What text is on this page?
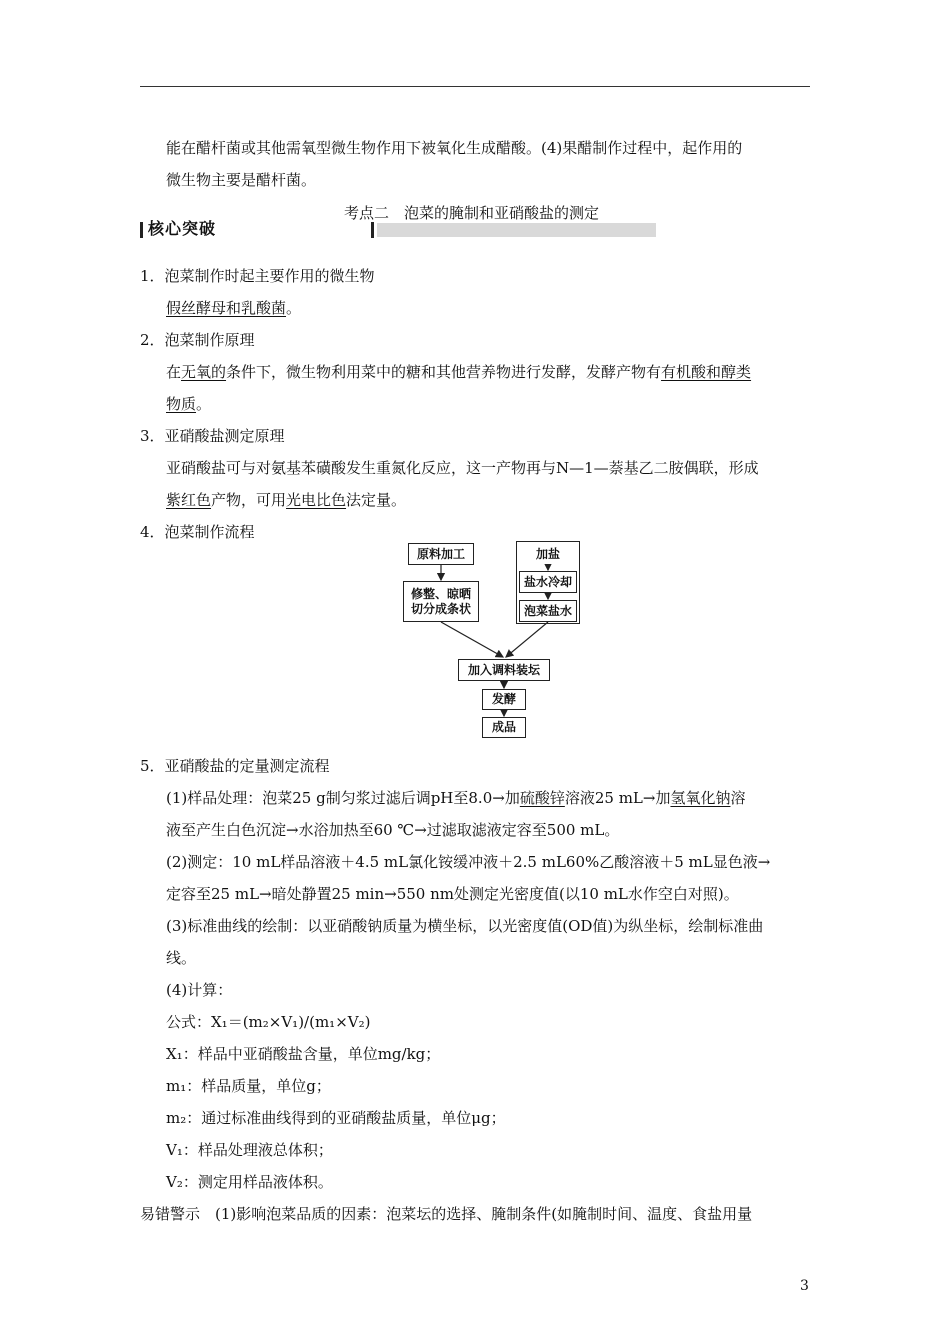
能在醋杆菌或其他需氧型微生物作用下被氧化生成醋酸。(4)果醋制作过程中，起作用的
微生物主要是醋杆菌。
考点二　泡菜的腌制和亚硝酸盐的测定
核心突破
1．泡菜制作时起主要作用的微生物
假丝酵母和乳酸菌。
2．泡菜制作原理
在无氧的条件下，微生物利用菜中的糖和其他营养物进行发酵，发酵产物有有机酸和醇类
物质。
3．亚硝酸盐测定原理
亚硝酸盐可与对氨基苯磺酸发生重氮化反应，这一产物再与N—1—萘基乙二胺偶联，形成
紫红色产物，可用光电比色法定量。
4．泡菜制作流程
原料加工
修整、晾晒
切分成条状
加盐
盐水冷却
泡菜盐水
加入调料装坛
发酵
成品
5．亚硝酸盐的定量测定流程
(1)样品处理：泡菜25 g制匀浆过滤后调pH至8.0→加硫酸锌溶液25 mL→加氢氧化钠溶
液至产生白色沉淀→水浴加热至60 ℃→过滤取滤液定容至500 mL。
(2)测定：10 mL样品溶液＋4.5 mL氯化铵缓冲液＋2.5 mL60%乙酸溶液＋5 mL显色液→
定容至25 mL→暗处静置25 min→550 nm处测定光密度值(以10 mL水作空白对照)。
(3)标准曲线的绘制：以亚硝酸钠质量为横坐标，以光密度值(OD值)为纵坐标，绘制标准曲
线。
(4)计算：
公式：X₁＝(m₂×V₁)/(m₁×V₂)
X₁：样品中亚硝酸盐含量，单位mg/kg；
m₁：样品质量，单位g；
m₂：通过标准曲线得到的亚硝酸盐质量，单位μg；
V₁：样品处理液总体积；
V₂：测定用样品液体积。
易错警示　(1)影响泡菜品质的因素：泡菜坛的选择、腌制条件(如腌制时间、温度、食盐用量
3
